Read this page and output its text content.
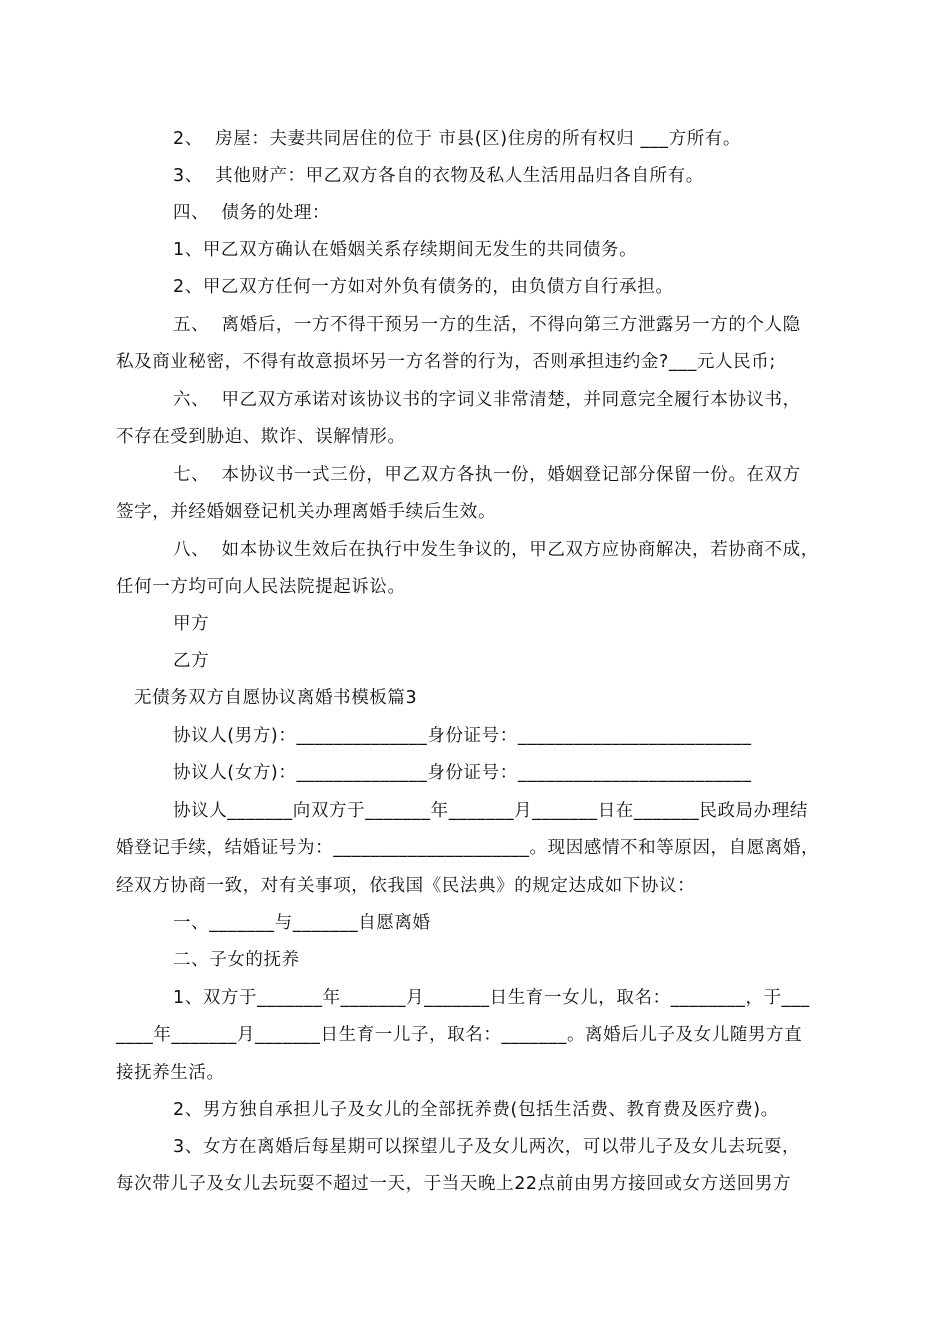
2、  房屋：夫妻共同居住的位于 市县(区)住房的所有权归 ___方所有。
3、  其他财产：甲乙双方各自的衣物及私人生活用品归各自所有。
四、  债务的处理：
1、甲乙双方确认在婚姻关系存续期间无发生的共同债务。
2、甲乙双方任何一方如对外负有债务的，由负债方自行承担。
五、  离婚后，一方不得干预另一方的生活，不得向第三方泄露另一方的个人隐
私及商业秘密，不得有故意损坏另一方名誉的行为，否则承担违约金?___元人民币;
六、  甲乙双方承诺对该协议书的字词义非常清楚，并同意完全履行本协议书，
不存在受到胁迫、欺诈、误解情形。
七、  本协议书一式三份，甲乙双方各执一份，婚姻登记部分保留一份。在双方
签字，并经婚姻登记机关办理离婚手续后生效。
八、  如本协议生效后在执行中发生争议的，甲乙双方应协商解决，若协商不成，
任何一方均可向人民法院提起诉讼。
甲方
乙方
无债务双方自愿协议离婚书模板篇3
协议人(男方)：______________身份证号：_________________________
协议人(女方)：______________身份证号：_________________________
协议人_______向双方于_______年_______月_______日在_______民政局办理结
婚登记手续，结婚证号为：_____________________。现因感情不和等原因，自愿离婚，
经双方协商一致，对有关事项，依我国《民法典》的规定达成如下协议：
一、_______与_______自愿离婚
二、子女的抚养
1、双方于_______年_______月_______日生育一女儿，取名：________，于___
____年_______月_______日生育一儿子，取名：_______。离婚后儿子及女儿随男方直
接抚养生活。
2、男方独自承担儿子及女儿的全部抚养费(包括生活费、教育费及医疗费)。
3、女方在离婚后每星期可以探望儿子及女儿两次，可以带儿子及女儿去玩耍，
每次带儿子及女儿去玩耍不超过一天，于当天晚上22点前由男方接回或女方送回男方
